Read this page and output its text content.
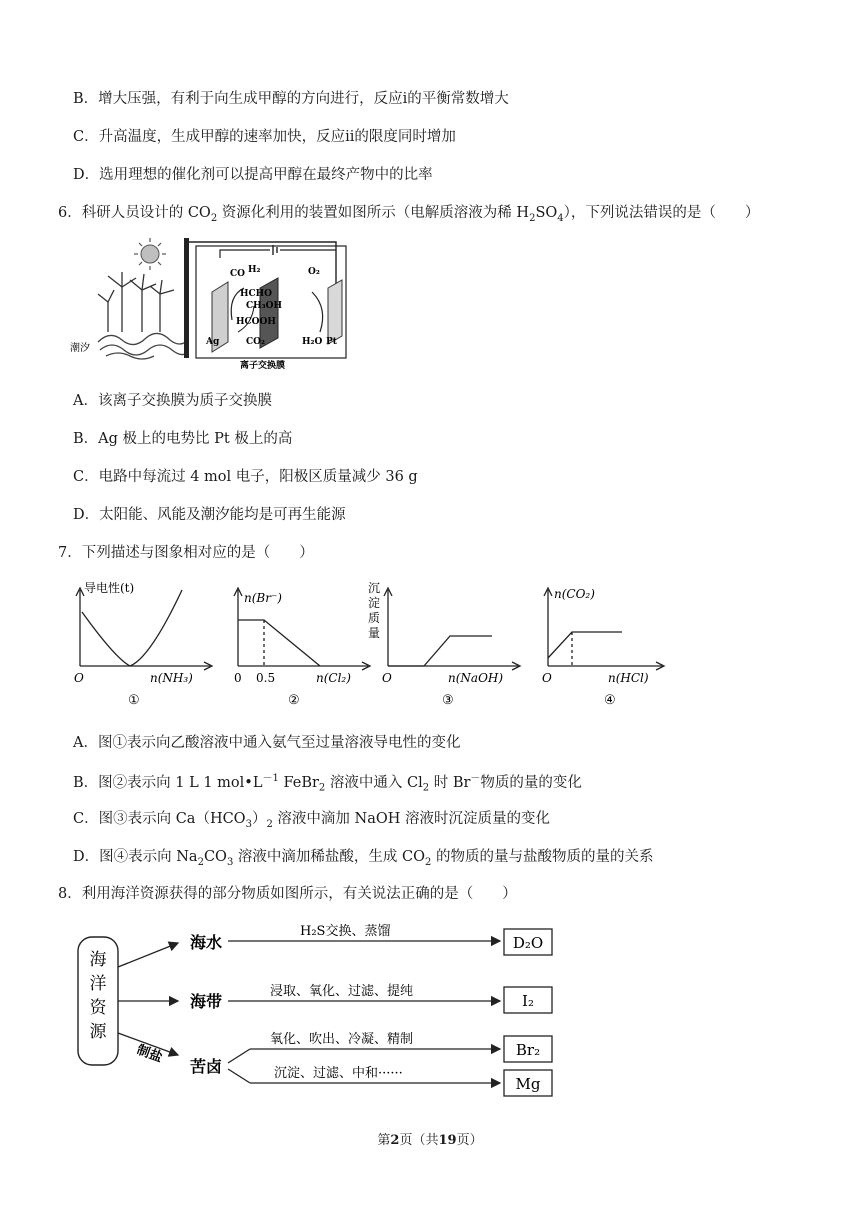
B．增大压强，有利于向生成甲醇的方向进行，反应ⅰ的平衡常数增大
C．升高温度，生成甲醇的速率加快，反应ⅱ的限度同时增加
D．选用理想的催化剂可以提高甲醇在最终产物中的比率
6．科研人员设计的 $CO_2$ 资源化利用的装置如图所示（电解质溶液为稀 $H_2SO_4$），下列说法错误的是（　　）
潮汐
CO H₂	O₂
HCHO
CH₃OH
HCOOH
CO₂	H₂O
Ag	Pt
离子交换膜
A．该离子交换膜为质子交换膜
B．Ag 极上的电势比 Pt 极上的高
C．电路中每流过 4 mol 电子，阳极区质量减少 36 g
D．太阳能、风能及潮汐能均是可再生能源
7．下列描述与图象相对应的是（　　）
导电性(t)
n(NH₃)
O
①
n(Br⁻)
n(Cl₂)
0 0.5
②
沉淀质量
n(NaOH)
O
③
n(CO₂)
n(HCl)
O
④
A．图①表示向乙酸溶液中通入氨气至过量溶液导电性的变化
B．图②表示向 1 L 1 $mol•L^{-1}$ FeBr$_2$ 溶液中通入 $Cl_2$ 时 Br－物质的量的变化
C．图③表示向 $Ca(HCO_3)_2$ 溶液中滴加 NaOH 溶液时沉淀质量的变化
D．图④表示向 $Na_2CO_3$ 溶液中滴加稀盐酸，生成 $CO_2$ 的物质的量与盐酸物质的量的关系
8．利用海洋资源获得的部分物质如图所示，有关说法正确的是（　　）
海洋资源
海水
海带
苦卤
制盐
H₂S交换、蒸馏
浸取、氧化、过滤、提纯
氧化、吹出、冷凝、精制
沉淀、过滤、中和······
D₂O
I₂
Br₂
Mg
第2页（共19页）
